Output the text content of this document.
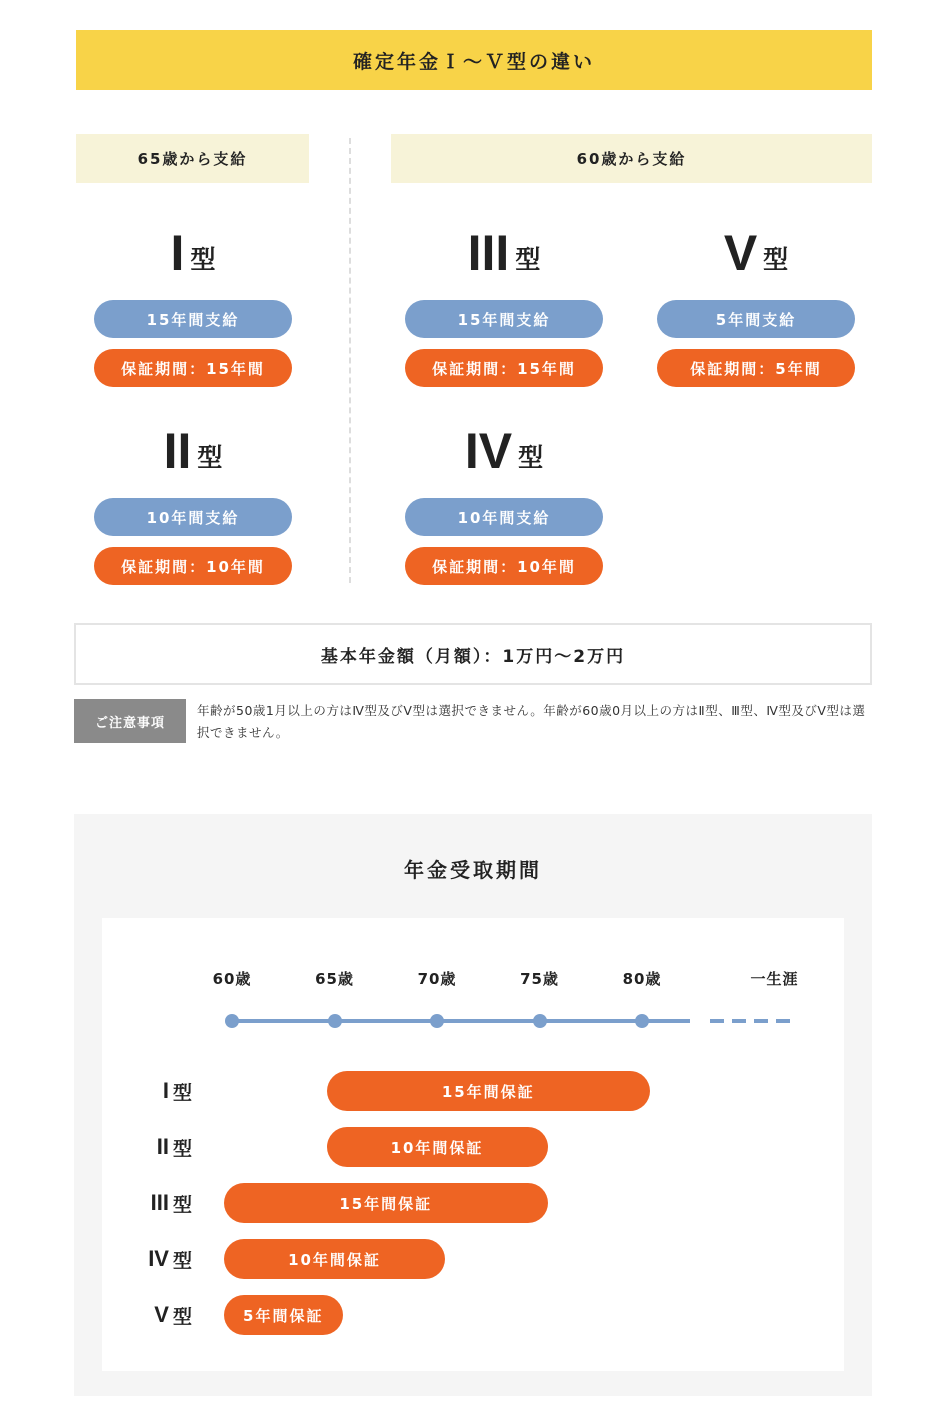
確定年金Ｉ～Ｖ型の違い
65歳から支給	60歳から支給
I 型
15年間支給
保証期間：15年間
II 型
10年間支給
保証期間：10年間
III 型
15年間支給
保証期間：15年間
IV 型
10年間支給
保証期間：10年間
V 型
5年間支給
保証期間：5年間
基本年金額（月額）：1万円～2万円
ご注意事項
年齢が50歳1月以上の方はⅣ型及びⅤ型は選択できません。年齢が60歳0月以上の方はⅡ型、Ⅲ型、Ⅳ型及びⅤ型は選択できません。
年金受取期間
60歳	65歳	70歳	75歳	80歳	一生涯
I 型	15年間保証
II 型	10年間保証
III 型	15年間保証
IV 型	10年間保証
V 型	5年間保証
